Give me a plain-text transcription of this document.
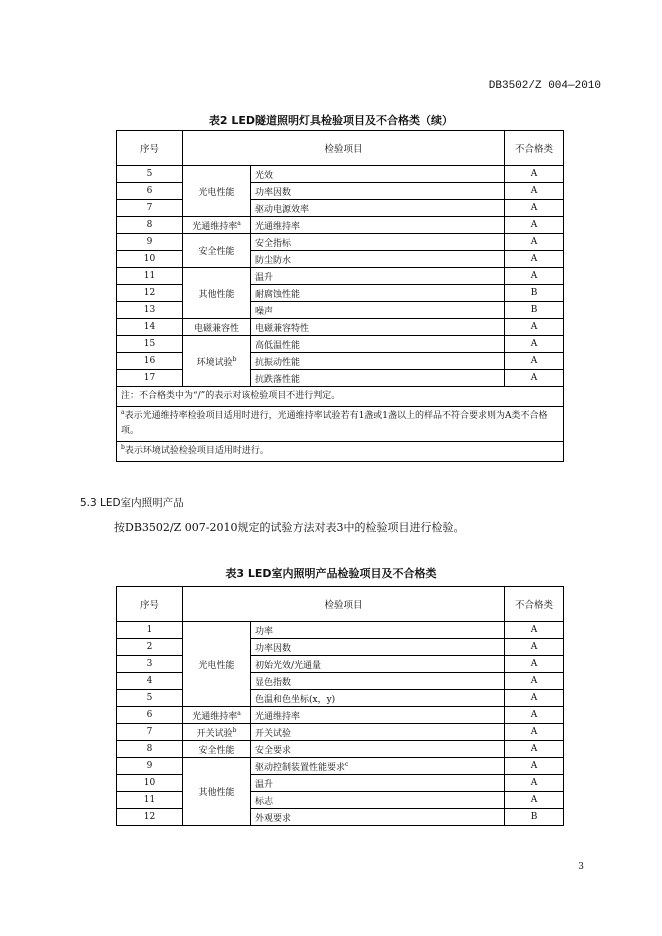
DB3502/Z 004—2010
表2 LED隧道照明灯具检验项目及不合格类（续）
序号	检验项目		不合格类
5	光电性能	光效	A
6		功率因数	A
7		驱动电源效率	A
8	光通维持率$^a$	光通维持率	A
9	安全性能	安全指标	A
10		防尘防水	A
11	其他性能	温升	A
12		耐腐蚀性能	B
13		噪声	B
14	电磁兼容性	电磁兼容特性	A
15	环境试验$^b$	高低温性能	A
16		抗振动性能	A
17		抗跌落性能	A
注：不合格类中为“/”的表示对该检验项目不进行判定。			
$^a$表示光通维持率检验项目适用时进行，光通维持率试验若有1盏或1盏以上的样品不符合要求则为A类不合格项。			
$^b$表示环境试验检验项目适用时进行。			
5.3 LED室内照明产品
按DB3502/Z 007-2010规定的试验方法对表3中的检验项目进行检验。
表3 LED室内照明产品检验项目及不合格类
序号	检验项目		不合格类
1	光电性能	功率	A
2		功率因数	A
3		初始光效/光通量	A
4		显色指数	A
5		色温和色坐标(x，y)	A
6	光通维持率$^a$	光通维持率	A
7	开关试验$^b$	开关试验	A
8	安全性能	安全要求	A
9	其他性能	驱动控制装置性能要求$^c$	A
10		温升	A
11		标志	A
12		外观要求	B
3
